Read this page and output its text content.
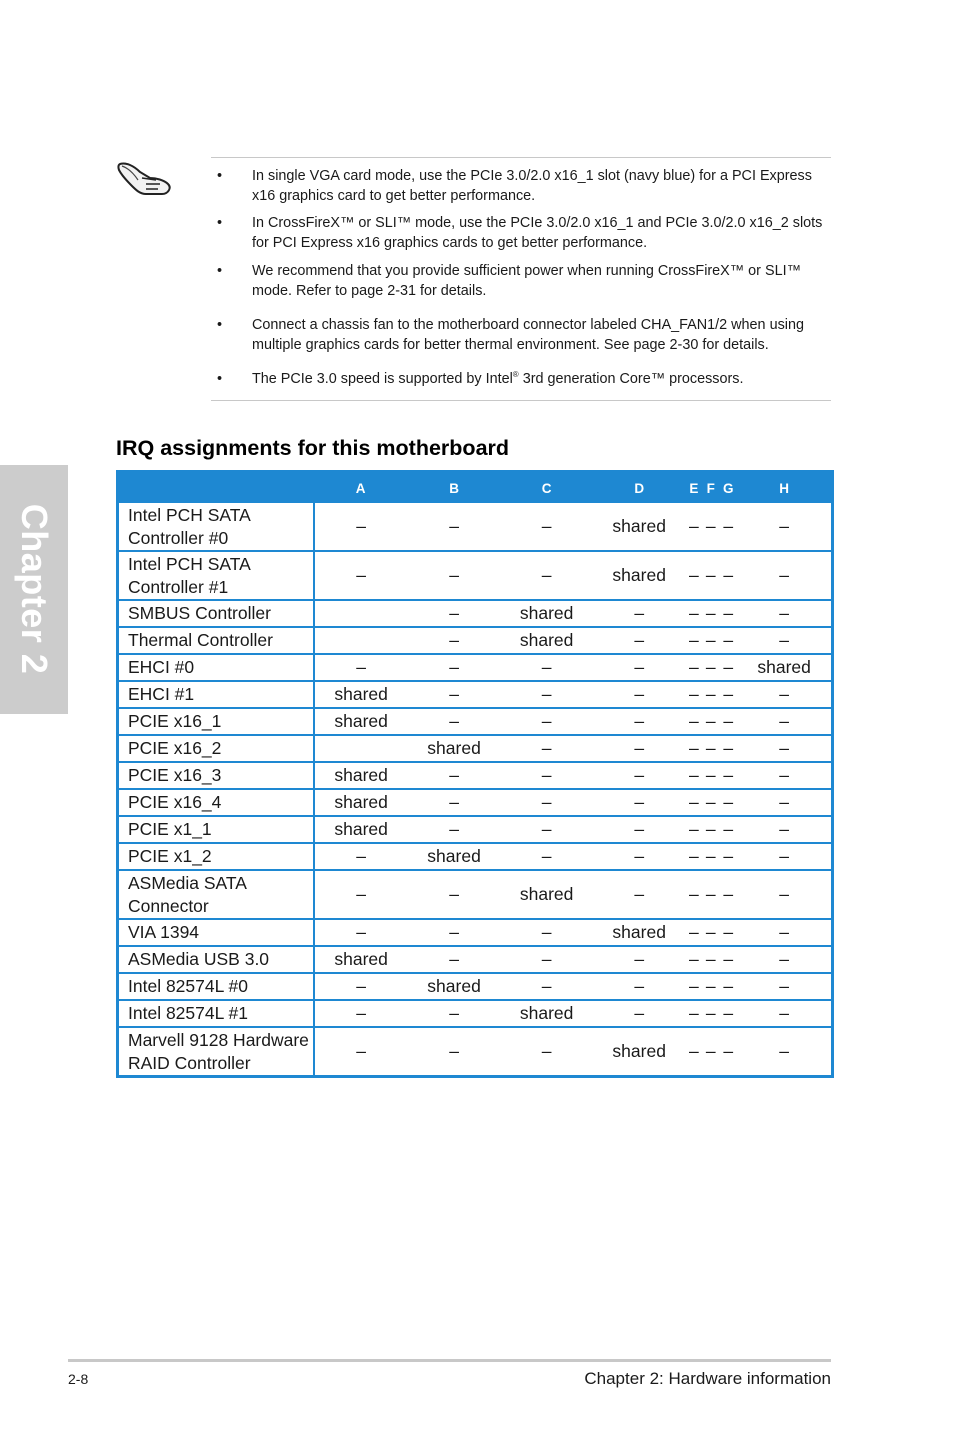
Chapter 2
• In single VGA card mode, use the PCIe 3.0/2.0 x16_1 slot (navy blue) for a PCI Express x16 graphics card to get better performance.
• In CrossFireX™ or SLI™ mode, use the PCIe 3.0/2.0 x16_1 and PCIe 3.0/2.0 x16_2 slots for PCI Express x16 graphics cards to get better performance.
• We recommend that you provide sufficient power when running CrossFireX™ or SLI™ mode. Refer to page 2-31 for details.
• Connect a chassis fan to the motherboard connector labeled CHA_FAN1/2 when using multiple graphics cards for better thermal environment. See page 2-30 for details.
• The PCIe 3.0 speed is supported by Intel® 3rd generation Core™ processors.
IRQ assignments for this motherboard
	A	B	C	D	E	F	G	H

Intel PCH SATA
Controller #0	–	–	–	shared	–	–	–	–

Intel PCH SATA
Controller #1	–	–	–	shared	–	–	–	–

SMBUS Controller		–	shared	–	–	–	–	–

Thermal Controller		–	shared	–	–	–	–	–

EHCI #0	–	–	–	–	–	–	–	shared

EHCI #1	shared	–	–	–	–	–	–	–

PCIE x16_1	shared	–	–	–	–	–	–	–

PCIE x16_2		shared	–	–	–	–	–	–

PCIE x16_3	shared	–	–	–	–	–	–	–

PCIE x16_4	shared	–	–	–	–	–	–	–

PCIE x1_1	shared	–	–	–	–	–	–	–

PCIE x1_2	–	shared	–	–	–	–	–	–

ASMedia SATA
Connector	–	–	shared	–	–	–	–	–

VIA 1394	–	–	–	shared	–	–	–	–

ASMedia USB 3.0	shared	–	–	–	–	–	–	–

Intel 82574L #0	–	shared	–	–	–	–	–	–

Intel 82574L #1	–	–	shared	–	–	–	–	–

Marvell 9128 Hardware
RAID Controller	–	–	–	shared	–	–	–	–
2-8	Chapter 2: Hardware information
